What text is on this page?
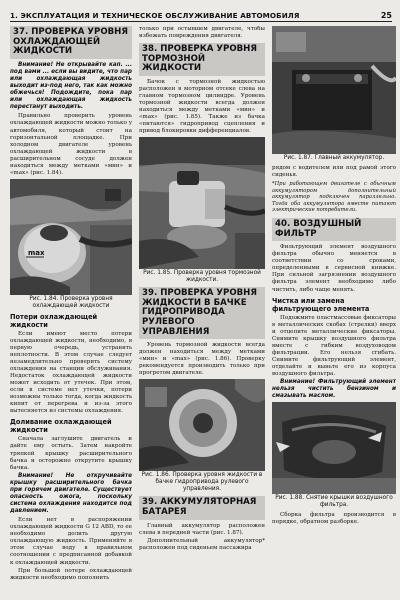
1. ЭКСПЛУАТАЦИЯ И ТЕХНИЧЕСКОЕ ОБСЛУЖИВАНИЕ АВТОМОБИЛЯ	25
37. ПРОВЕРКА УРОВНЯ ОХЛАЖДАЮЩЕЙ ЖИДКОСТИ
Внимание! Не открывайте кап. ... под вами ... если вы видите, что пар или охлаждающая жидкость выходит из-под него, так как можно обжечься! Подождите, пока пар или охлаждающая жидкость перестанут выходить.
Правильно проверить уровень охлаждающей жидкости можно только у автомобиля, который стоит на горизонтальной площадке. При холодном двигателе уровень охлаждающей жидкости в расширительном сосуде должен находиться между метками «мин» и «max» (рис. 1.84).
max
Рис. 1.84. Проверка уровня охлаждающей жидкости
Потери охлаждающей жидкости
Если имеют место потери охлаждающей жидкости, необходимо, в первую очередь, устранить неплотности. В этом случае следует незамедлительно проверить систему охлаждения на станции обслуживания. Недостаток охлаждающей жидкости может исходить от утечек. При этом, если в системе нет утечки, потери возможны только тогда, когда жидкость кипит от перегрева и из-за этого вытесняется из системы охлаждения.
Доливание охлаждающей жидкости
Сначала заглушите двигатель и дайте ему остыть. Затем накройте тряпкой крышку расширительного бачка и осторожно открутите крышку бачка.
Внимание! Не откручивайте крышку расширительного бачка при горячем двигателе. Существует опасность ожога, поскольку система охлаждения находится под давлением.
Если нет в распоряжении охлаждающей жидкости G 12 ABD, то ее необходимо долить другую охлаждающую жидкость. Применяйте в этом случае воду в правильном соотношении с предписанной добавкой к охлаждающей жидкости.
При большой потере охлаждающей жидкости необходимо пополнить
только при остывшем двигателе, чтобы избежать повреждения двигателя.
38. ПРОВЕРКА УРОВНЯ ТОРМОЗНОЙ ЖИДКОСТИ
Бачок с тормозной жидкостью расположен в моторном отсеке слева на главном тормозном цилиндре. Уровень тормозной жидкости всегда должен находиться между метками «мин» и «max» (рис. 1.85). Также из бачка «питаются» гидропривод сцепления и привод блокировки дифференциалов.
Рис. 1.85. Проверка уровня тормозной жидкости.
39. ПРОВЕРКА УРОВНЯ ЖИДКОСТИ В БАЧКЕ ГИДРОПРИВОДА РУЛЕВОГО УПРАВЛЕНИЯ
Уровень тормозной жидкости всегда должен находиться между метками «мин» и «max» (рис. 1.86). Проверку рекомендуется производить только при прогретом двигателе.
Рис. 1.86. Проверка уровня жидкости в бачке гидропривода рулевого управления.
39. АККУМУЛЯТОРНАЯ БАТАРЕЯ
Главный аккумулятор расположен слева в передней части (рис. 1.87).
Дополнительный аккумулятор* расположен под сиденьем пассажира
Рис. 1.87. Главный аккумулятор.
рядом с водителем или под рамой этого сиденья.
*При работающем двигателе с обычным аккумулятором дополнительный аккумулятор подключен параллельно. Тогда оба аккумулятора вместе питают электрические потребители.
40. ВОЗДУШНЫЙ ФИЛЬТР
Фильтрующий элемент воздушного фильтра обычно меняется в соответствии со сроками, определенными в сервисной книжке. При сильной загрязнении воздушного фильтра элемент необходимо либо чистить, либо чаще менять.
Чистка или замена фильтрующего элемента
Подожмите пластмассовые фиксаторы в металлических скобах (стрелки) вверх и отцепите металлические фиксаторы. Снимите крышку воздушного фильтра вместе с гибким воздуховодом фильтрации. Его нельзя сгибать. Снимите фильтрующий элемент, отделайте и выньте его из корпуса воздушного фильтра.
Внимание! Фильтрующий элемент нельзя чистить бензином и смазывать маслом.
Рис. 1.88. Снятие крышки воздушного фильтра.
Сборка фильтра производится в порядке, обратном разборке.
